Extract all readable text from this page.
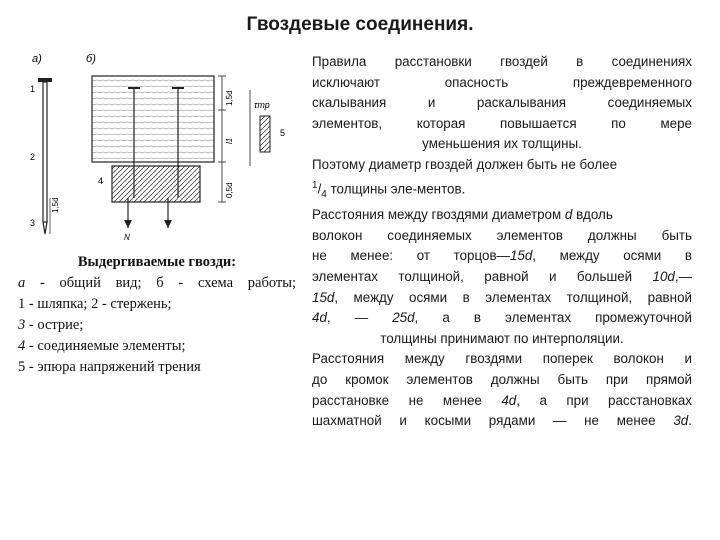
Гвоздевые соединения.
а)
1
2
3
1,5d
б)
N
4
1,5d
l1
0,5d
τтр
5
Выдергиваемые гвозди:
а - общий вид; б - схема работы;
1 - шляпка; 2 - стержень;
3 - острие;
4 - соединяемые элементы;
5 - эпюра напряжений трения
Правила расстановки гвоздей в соединениях
исключают опасность преждевременного
скалывания и раскалывания соединяемых
элементов, которая повышается по мере
уменьшения их толщины.
Поэтому диаметр гвоздей должен быть не более
$^1/_4$ толщины эле-ментов.
Расстояния между гвоздями диаметром d вдоль
волокон соединяемых элементов должны быть
не менее: от торцов—15d, между осями в
элементах толщиной, равной и большей 10d,—
15d, между осями в элементах толщиной, равной
4d, — 25d, а в элементах промежуточной
толщины принимают по интерполяции.
Расстояния между гвоздями поперек волокон и
до кромок элементов должны быть при прямой
расстановке не менее 4d, а при расстановках
шахматной и косыми рядами — не менее 3d.
